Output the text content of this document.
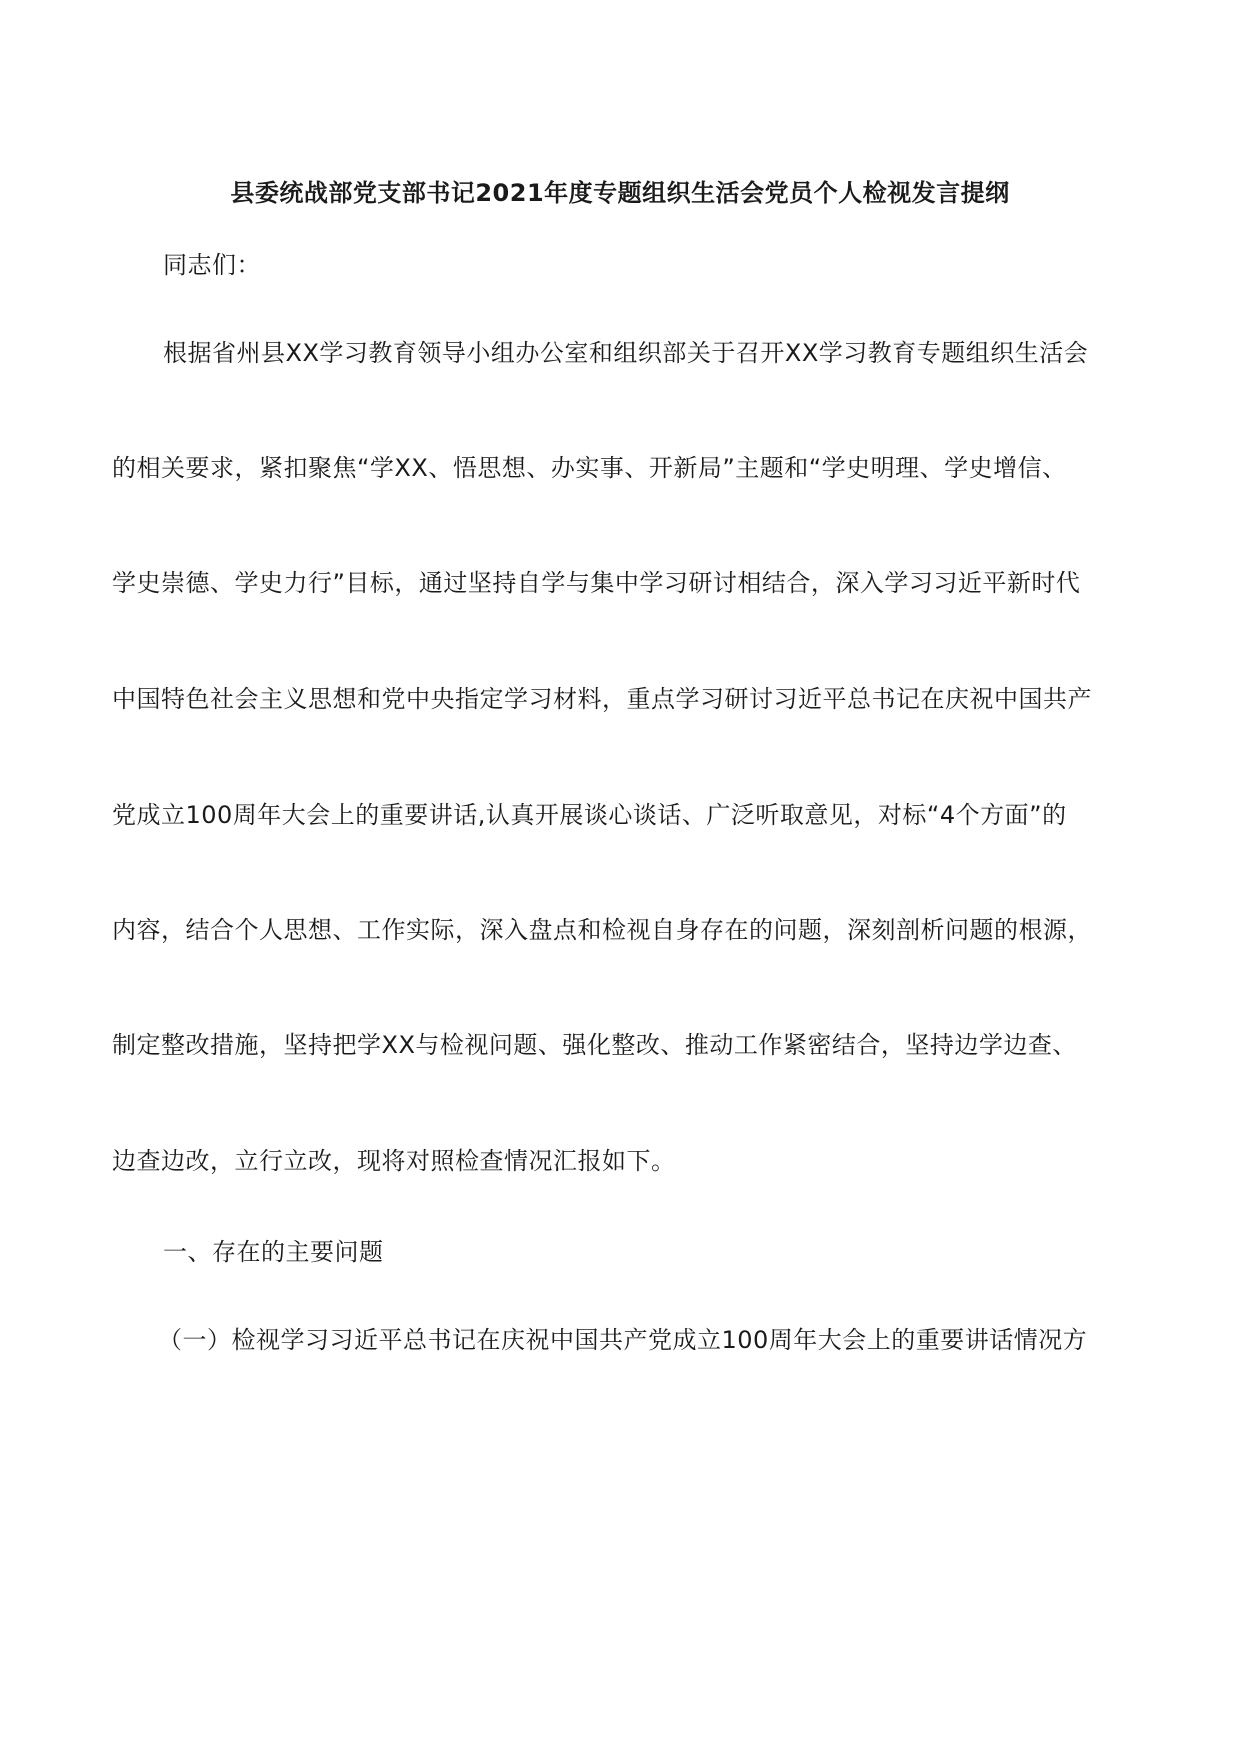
县委统战部党支部书记2021年度专题组织生活会党员个人检视发言提纲
同志们：
根据省州县XX学习教育领导小组办公室和组织部关于召开XX学习教育专题组织生活会
的相关要求，紧扣聚焦“学XX、悟思想、办实事、开新局”主题和“学史明理、学史增信、
学史崇德、学史力行”目标，通过坚持自学与集中学习研讨相结合，深入学习习近平新时代
中国特色社会主义思想和党中央指定学习材料，重点学习研讨习近平总书记在庆祝中国共产
党成立100周年大会上的重要讲话,认真开展谈心谈话、广泛听取意见，对标“4个方面”的
内容，结合个人思想、工作实际，深入盘点和检视自身存在的问题，深刻剖析问题的根源，
制定整改措施，坚持把学XX与检视问题、强化整改、推动工作紧密结合，坚持边学边查、
边查边改，立行立改，现将对照检查情况汇报如下。
一、存在的主要问题
（一）检视学习习近平总书记在庆祝中国共产党成立100周年大会上的重要讲话情况方
